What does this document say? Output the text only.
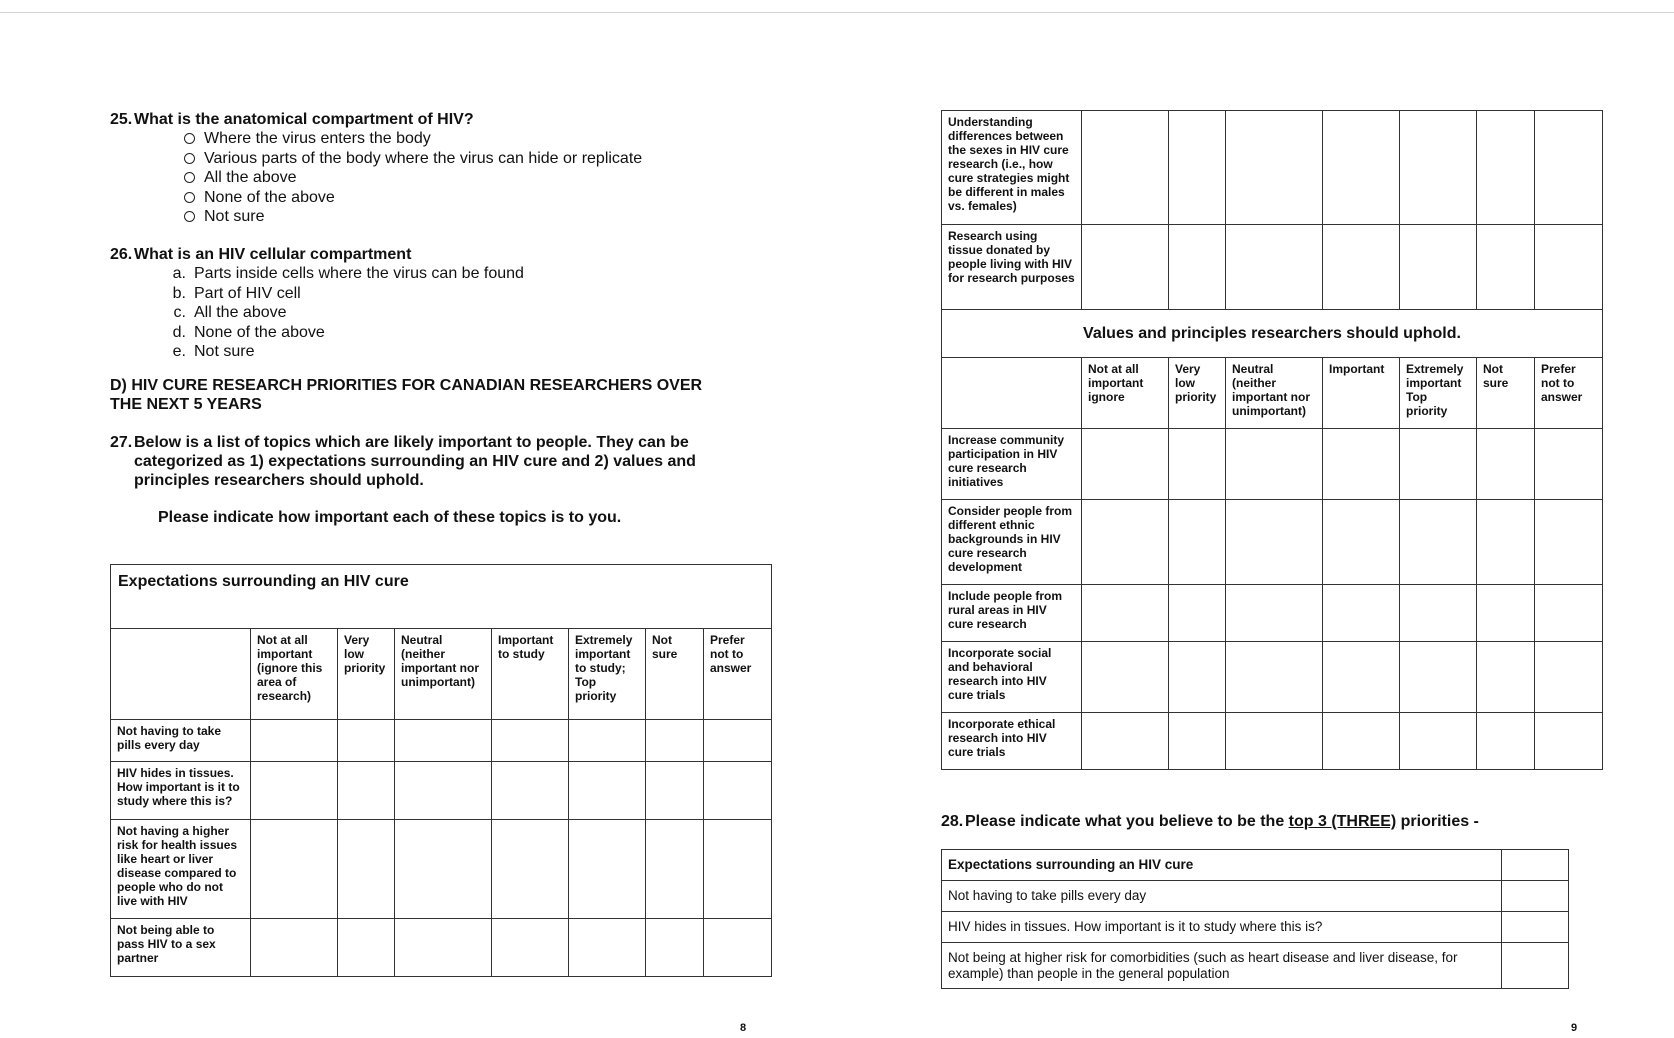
25. What is the anatomical compartment of HIV?
Where the virus enters the body
Various parts of the body where the virus can hide or replicate
All the above
None of the above
Not sure
26. What is an HIV cellular compartment
a. Parts inside cells where the virus can be found
b. Part of HIV cell
c. All the above
d. None of the above
e. Not sure
D) HIV CURE RESEARCH PRIORITIES FOR CANADIAN RESEARCHERS OVER
THE NEXT 5 YEARS
27. Below is a list of topics which are likely important to people. They can be
categorized as 1) expectations surrounding an HIV cure and 2) values and
principles researchers should uphold.
Please indicate how important each of these topics is to you.
Expectations surrounding an HIV cure							
	Not at all important (ignore this area of research)	Very low priority	Neutral (neither important nor unimportant)	Important to study	Extremely important to study; Top priority	Not sure	Prefer not to answer
Not having to take pills every day							
HIV hides in tissues. How important is it to study where this is?							
Not having a higher risk for health issues like heart or liver disease compared to people who do not live with HIV							
Not being able to pass HIV to a sex partner							
Understanding differences between the sexes in HIV cure research (i.e., how cure strategies might be different in males vs. females)							
Research using tissue donated by people living with HIV for research purposes							
Values and principles researchers should uphold.							
	Not at all important ignore	Very low priority	Neutral (neither important nor unimportant)	Important	Extremely important Top priority	Not sure	Prefer not to answer
Increase community participation in HIV cure research initiatives							
Consider people from different ethnic backgrounds in HIV cure research development							
Include people from rural areas in HIV cure research							
Incorporate social and behavioral research into HIV cure trials							
Incorporate ethical research into HIV cure trials							
28. Please indicate what you believe to be the top 3 (THREE) priorities -
Expectations surrounding an HIV cure	
Not having to take pills every day	
HIV hides in tissues. How important is it to study where this is?	
Not being at higher risk for comorbidities (such as heart disease and liver disease, for example) than people in the general population	
8	9
